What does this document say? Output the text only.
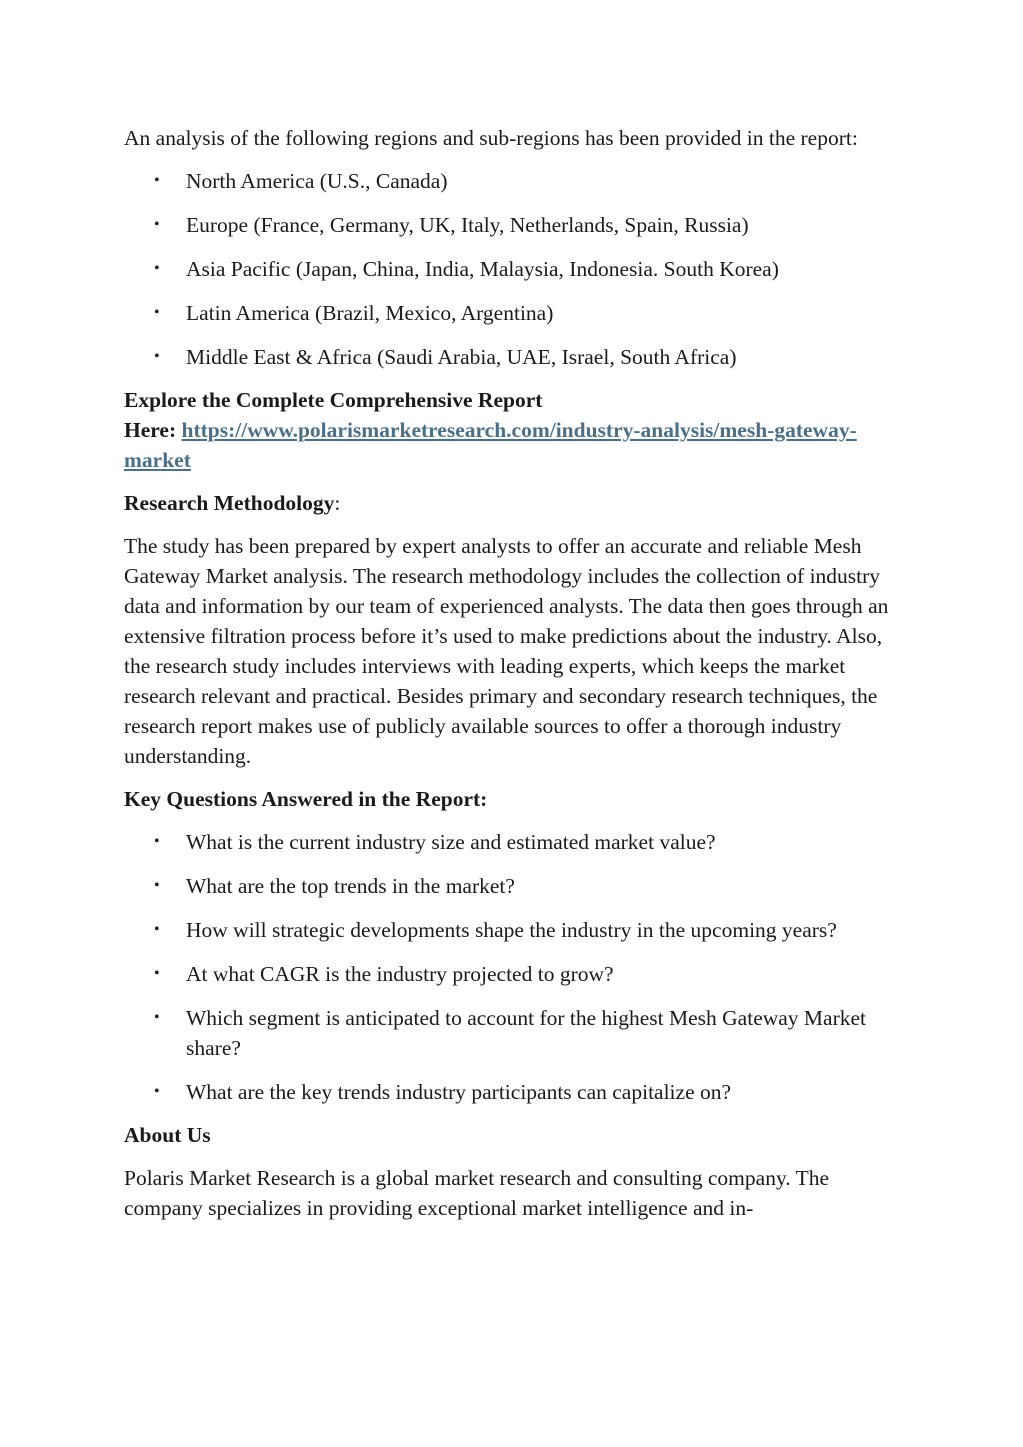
An analysis of the following regions and sub-regions has been provided in the report:

• North America (U.S., Canada)
• Europe (France, Germany, UK, Italy, Netherlands, Spain, Russia)
• Asia Pacific (Japan, China, India, Malaysia, Indonesia. South Korea)
• Latin America (Brazil, Mexico, Argentina)
• Middle East & Africa (Saudi Arabia, UAE, Israel, South Africa)

Explore the Complete Comprehensive Report
Here: https://www.polarismarketresearch.com/industry-analysis/mesh-gateway-market

Research Methodology:

The study has been prepared by expert analysts to offer an accurate and reliable Mesh Gateway Market analysis. The research methodology includes the collection of industry data and information by our team of experienced analysts. The data then goes through an extensive filtration process before it’s used to make predictions about the industry. Also, the research study includes interviews with leading experts, which keeps the market research relevant and practical. Besides primary and secondary research techniques, the research report makes use of publicly available sources to offer a thorough industry understanding.

Key Questions Answered in the Report:

• What is the current industry size and estimated market value?
• What are the top trends in the market?
• How will strategic developments shape the industry in the upcoming years?
• At what CAGR is the industry projected to grow?
• Which segment is anticipated to account for the highest Mesh Gateway Market share?
• What are the key trends industry participants can capitalize on?

About Us

Polaris Market Research is a global market research and consulting company. The company specializes in providing exceptional market intelligence and in-
